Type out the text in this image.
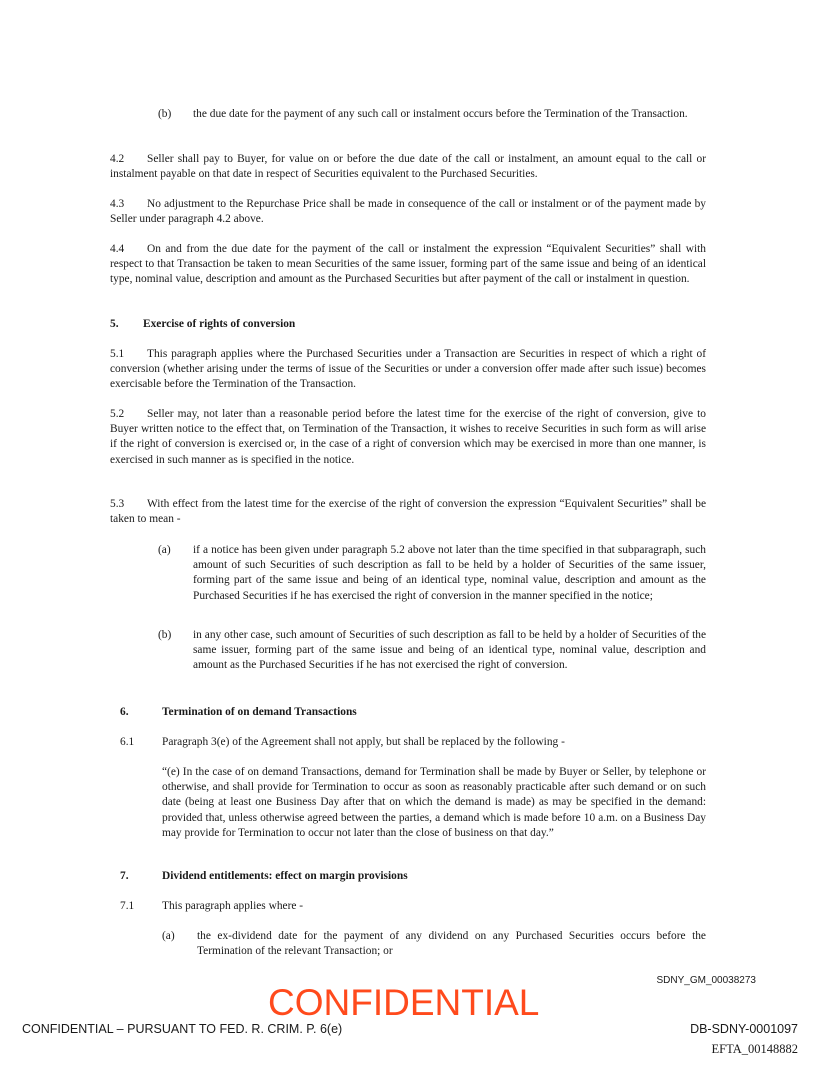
(b) the due date for the payment of any such call or instalment occurs before the Termination of the Transaction.
4.2	Seller shall pay to Buyer, for value on or before the due date of the call or instalment, an amount equal to the call or instalment payable on that date in respect of Securities equivalent to the Purchased Securities.
4.3	No adjustment to the Repurchase Price shall be made in consequence of the call or instalment or of the payment made by Seller under paragraph 4.2 above.
4.4	On and from the due date for the payment of the call or instalment the expression “Equivalent Securities” shall with respect to that Transaction be taken to mean Securities of the same issuer, forming part of the same issue and being of an identical type, nominal value, description and amount as the Purchased Securities but after payment of the call or instalment in question.
5. Exercise of rights of conversion
5.1	This paragraph applies where the Purchased Securities under a Transaction are Securities in respect of which a right of conversion (whether arising under the terms of issue of the Securities or under a conversion offer made after such issue) becomes exercisable before the Termination of the Transaction.
5.2	Seller may, not later than a reasonable period before the latest time for the exercise of the right of conversion, give to Buyer written notice to the effect that, on Termination of the Transaction, it wishes to receive Securities in such form as will arise if the right of conversion is exercised or, in the case of a right of conversion which may be exercised in more than one manner, is exercised in such manner as is specified in the notice.
5.3	With effect from the latest time for the exercise of the right of conversion the expression “Equivalent Securities” shall be taken to mean -
(a) if a notice has been given under paragraph 5.2 above not later than the time specified in that subparagraph, such amount of such Securities of such description as fall to be held by a holder of Securities of the same issuer, forming part of the same issue and being of an identical type, nominal value, description and amount as the Purchased Securities if he has exercised the right of conversion in the manner specified in the notice;
(b) in any other case, such amount of Securities of such description as fall to be held by a holder of Securities of the same issuer, forming part of the same issue and being of an identical type, nominal value, description and amount as the Purchased Securities if he has not exercised the right of conversion.
6.	Termination of on demand Transactions
6.1 Paragraph 3(e) of the Agreement shall not apply, but shall be replaced by the following -
“(e) In the case of on demand Transactions, demand for Termination shall be made by Buyer or Seller, by telephone or otherwise, and shall provide for Termination to occur as soon as reasonably practicable after such demand or on such date (being at least one Business Day after that on which the demand is made) as may be specified in the demand: provided that, unless otherwise agreed between the parties, a demand which is made before 10 a.m. on a Business Day may provide for Termination to occur not later than the close of business on that day.”
7.	Dividend entitlements: effect on margin provisions
7.1 This paragraph applies where -
(a) the ex-dividend date for the payment of any dividend on any Purchased Securities occurs before the Termination of the relevant Transaction; or
SDNY_GM_00038273
CONFIDENTIAL
CONFIDENTIAL – PURSUANT TO FED. R. CRIM. P. 6(e)	DB-SDNY-0001097
EFTA_00148882
